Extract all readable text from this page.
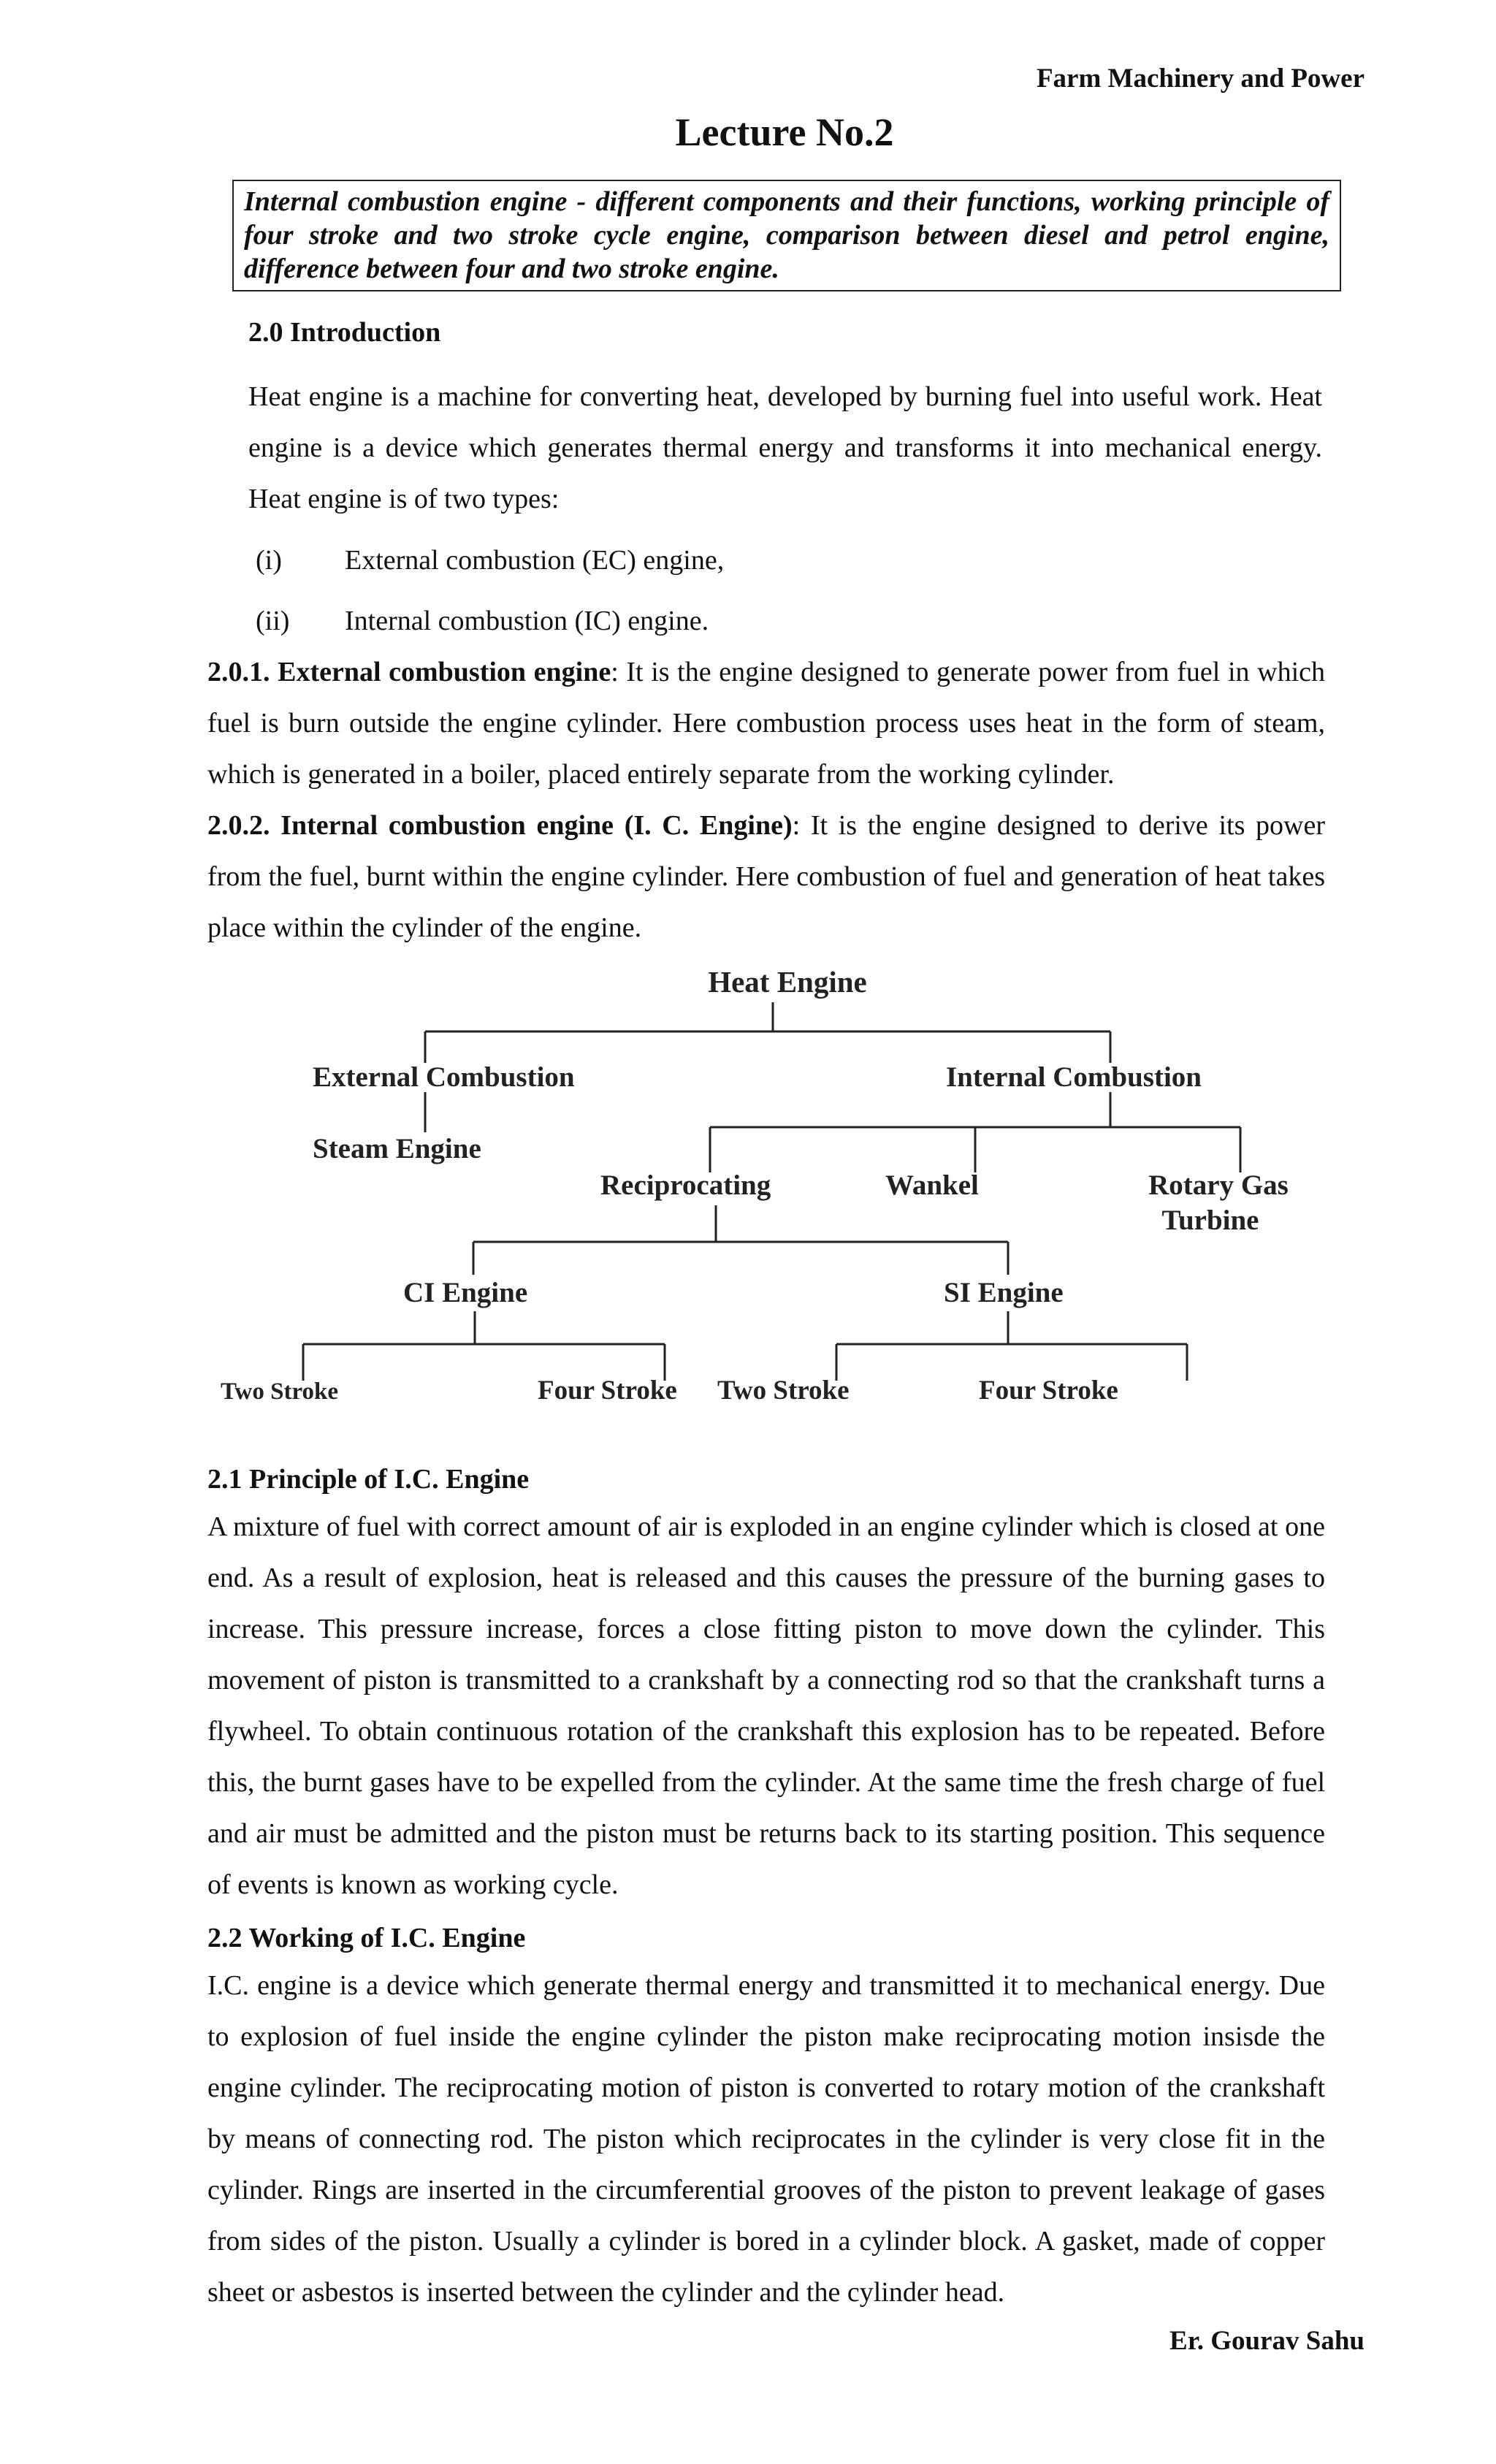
Farm Machinery and Power
Lecture No.2
Internal combustion engine - different components and their functions, working principle of four stroke and two stroke cycle engine, comparison between diesel and petrol engine, difference between four and two stroke engine.
2.0 Introduction
Heat engine is a machine for converting heat, developed by burning fuel into useful work. Heat engine is a device which generates thermal energy and transforms it into mechanical energy. Heat engine is of two types:
(i) External combustion (EC) engine,
(ii) Internal combustion (IC) engine.
2.0.1. External combustion engine: It is the engine designed to generate power from fuel in which fuel is burn outside the engine cylinder. Here combustion process uses heat in the form of steam, which is generated in a boiler, placed entirely separate from the working cylinder.
2.0.2. Internal combustion engine (I. C. Engine): It is the engine designed to derive its power from the fuel, burnt within the engine cylinder. Here combustion of fuel and generation of heat takes place within the cylinder of the engine.
Heat Engine
External Combustion
Steam Engine
Internal Combustion
Reciprocating	Wankel	Rotary Gas
Turbine
CI Engine	SI Engine
Two Stroke	Four Stroke Two Stroke	Four Stroke
2.1 Principle of I.C. Engine
A mixture of fuel with correct amount of air is exploded in an engine cylinder which is closed at one end. As a result of explosion, heat is released and this causes the pressure of the burning gases to increase. This pressure increase, forces a close fitting piston to move down the cylinder. This movement of piston is transmitted to a crankshaft by a connecting rod so that the crankshaft turns a flywheel. To obtain continuous rotation of the crankshaft this explosion has to be repeated. Before this, the burnt gases have to be expelled from the cylinder. At the same time the fresh charge of fuel and air must be admitted and the piston must be returns back to its starting position. This sequence of events is known as working cycle.
2.2 Working of I.C. Engine
I.C. engine is a device which generate thermal energy and transmitted it to mechanical energy. Due to explosion of fuel inside the engine cylinder the piston make reciprocating motion insisde the engine cylinder. The reciprocating motion of piston is converted to rotary motion of the crankshaft by means of connecting rod. The piston which reciprocates in the cylinder is very close fit in the cylinder. Rings are inserted in the circumferential grooves of the piston to prevent leakage of gases from sides of the piston. Usually a cylinder is bored in a cylinder block. A gasket, made of copper sheet or asbestos is inserted between the cylinder and the cylinder head.
Er. Gourav Sahu
